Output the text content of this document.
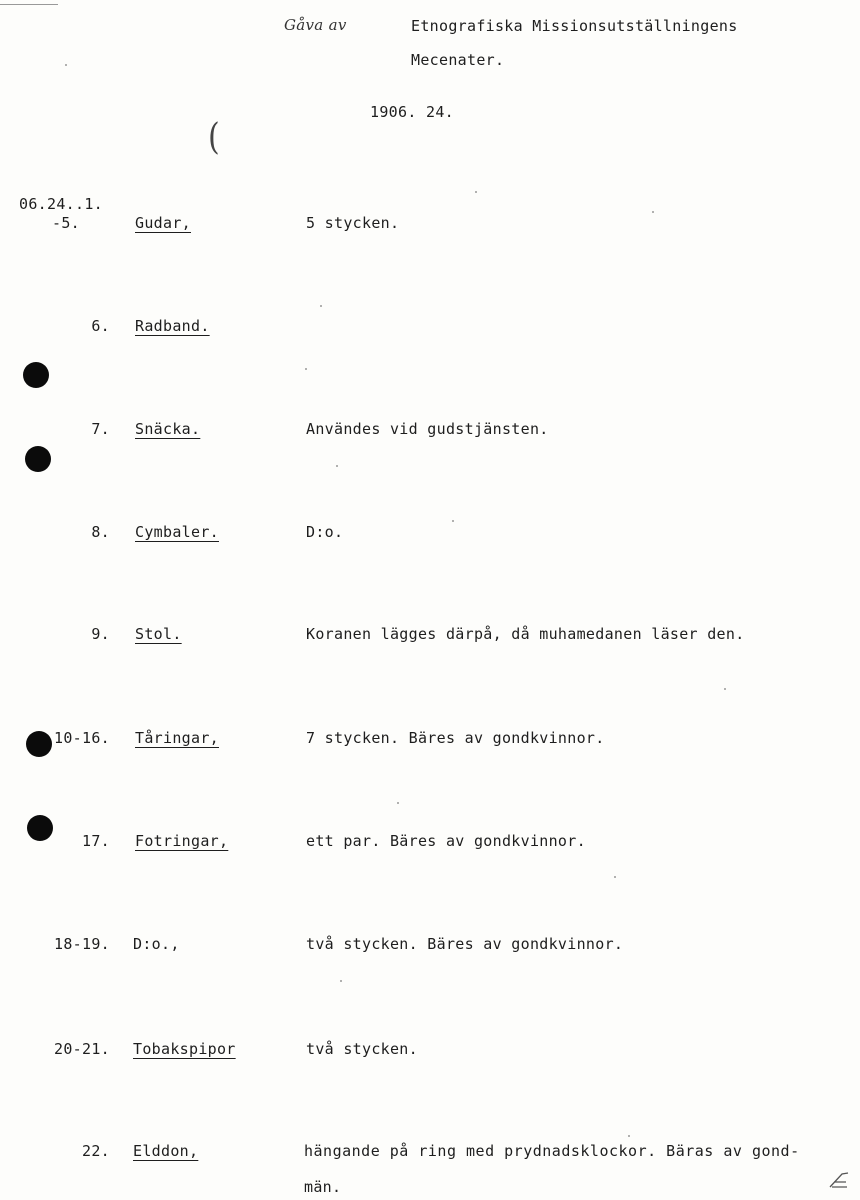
Gåva av	Etnografiska Missionsutställningens
Mecenater.
1906. 24.
(
06.24..1.
-5.	Gudar,	5 stycken.
6. Radband.
7. Snäcka.	Användes vid gudstjänsten.
8. Cymbaler.	D:o.
9. Stol.	Koranen lägges därpå, då muhamedanen läser den.
10-16. Tåringar,	7 stycken. Bäres av gondkvinnor.
17. Fotringar,	ett par. Bäres av gondkvinnor.
18-19. D:o.,	två stycken. Bäres av gondkvinnor.
20-21. Tobakspipor	två stycken.
22. Elddon,	hängande på ring med prydnadsklockor. Bäras av gond-
män.
